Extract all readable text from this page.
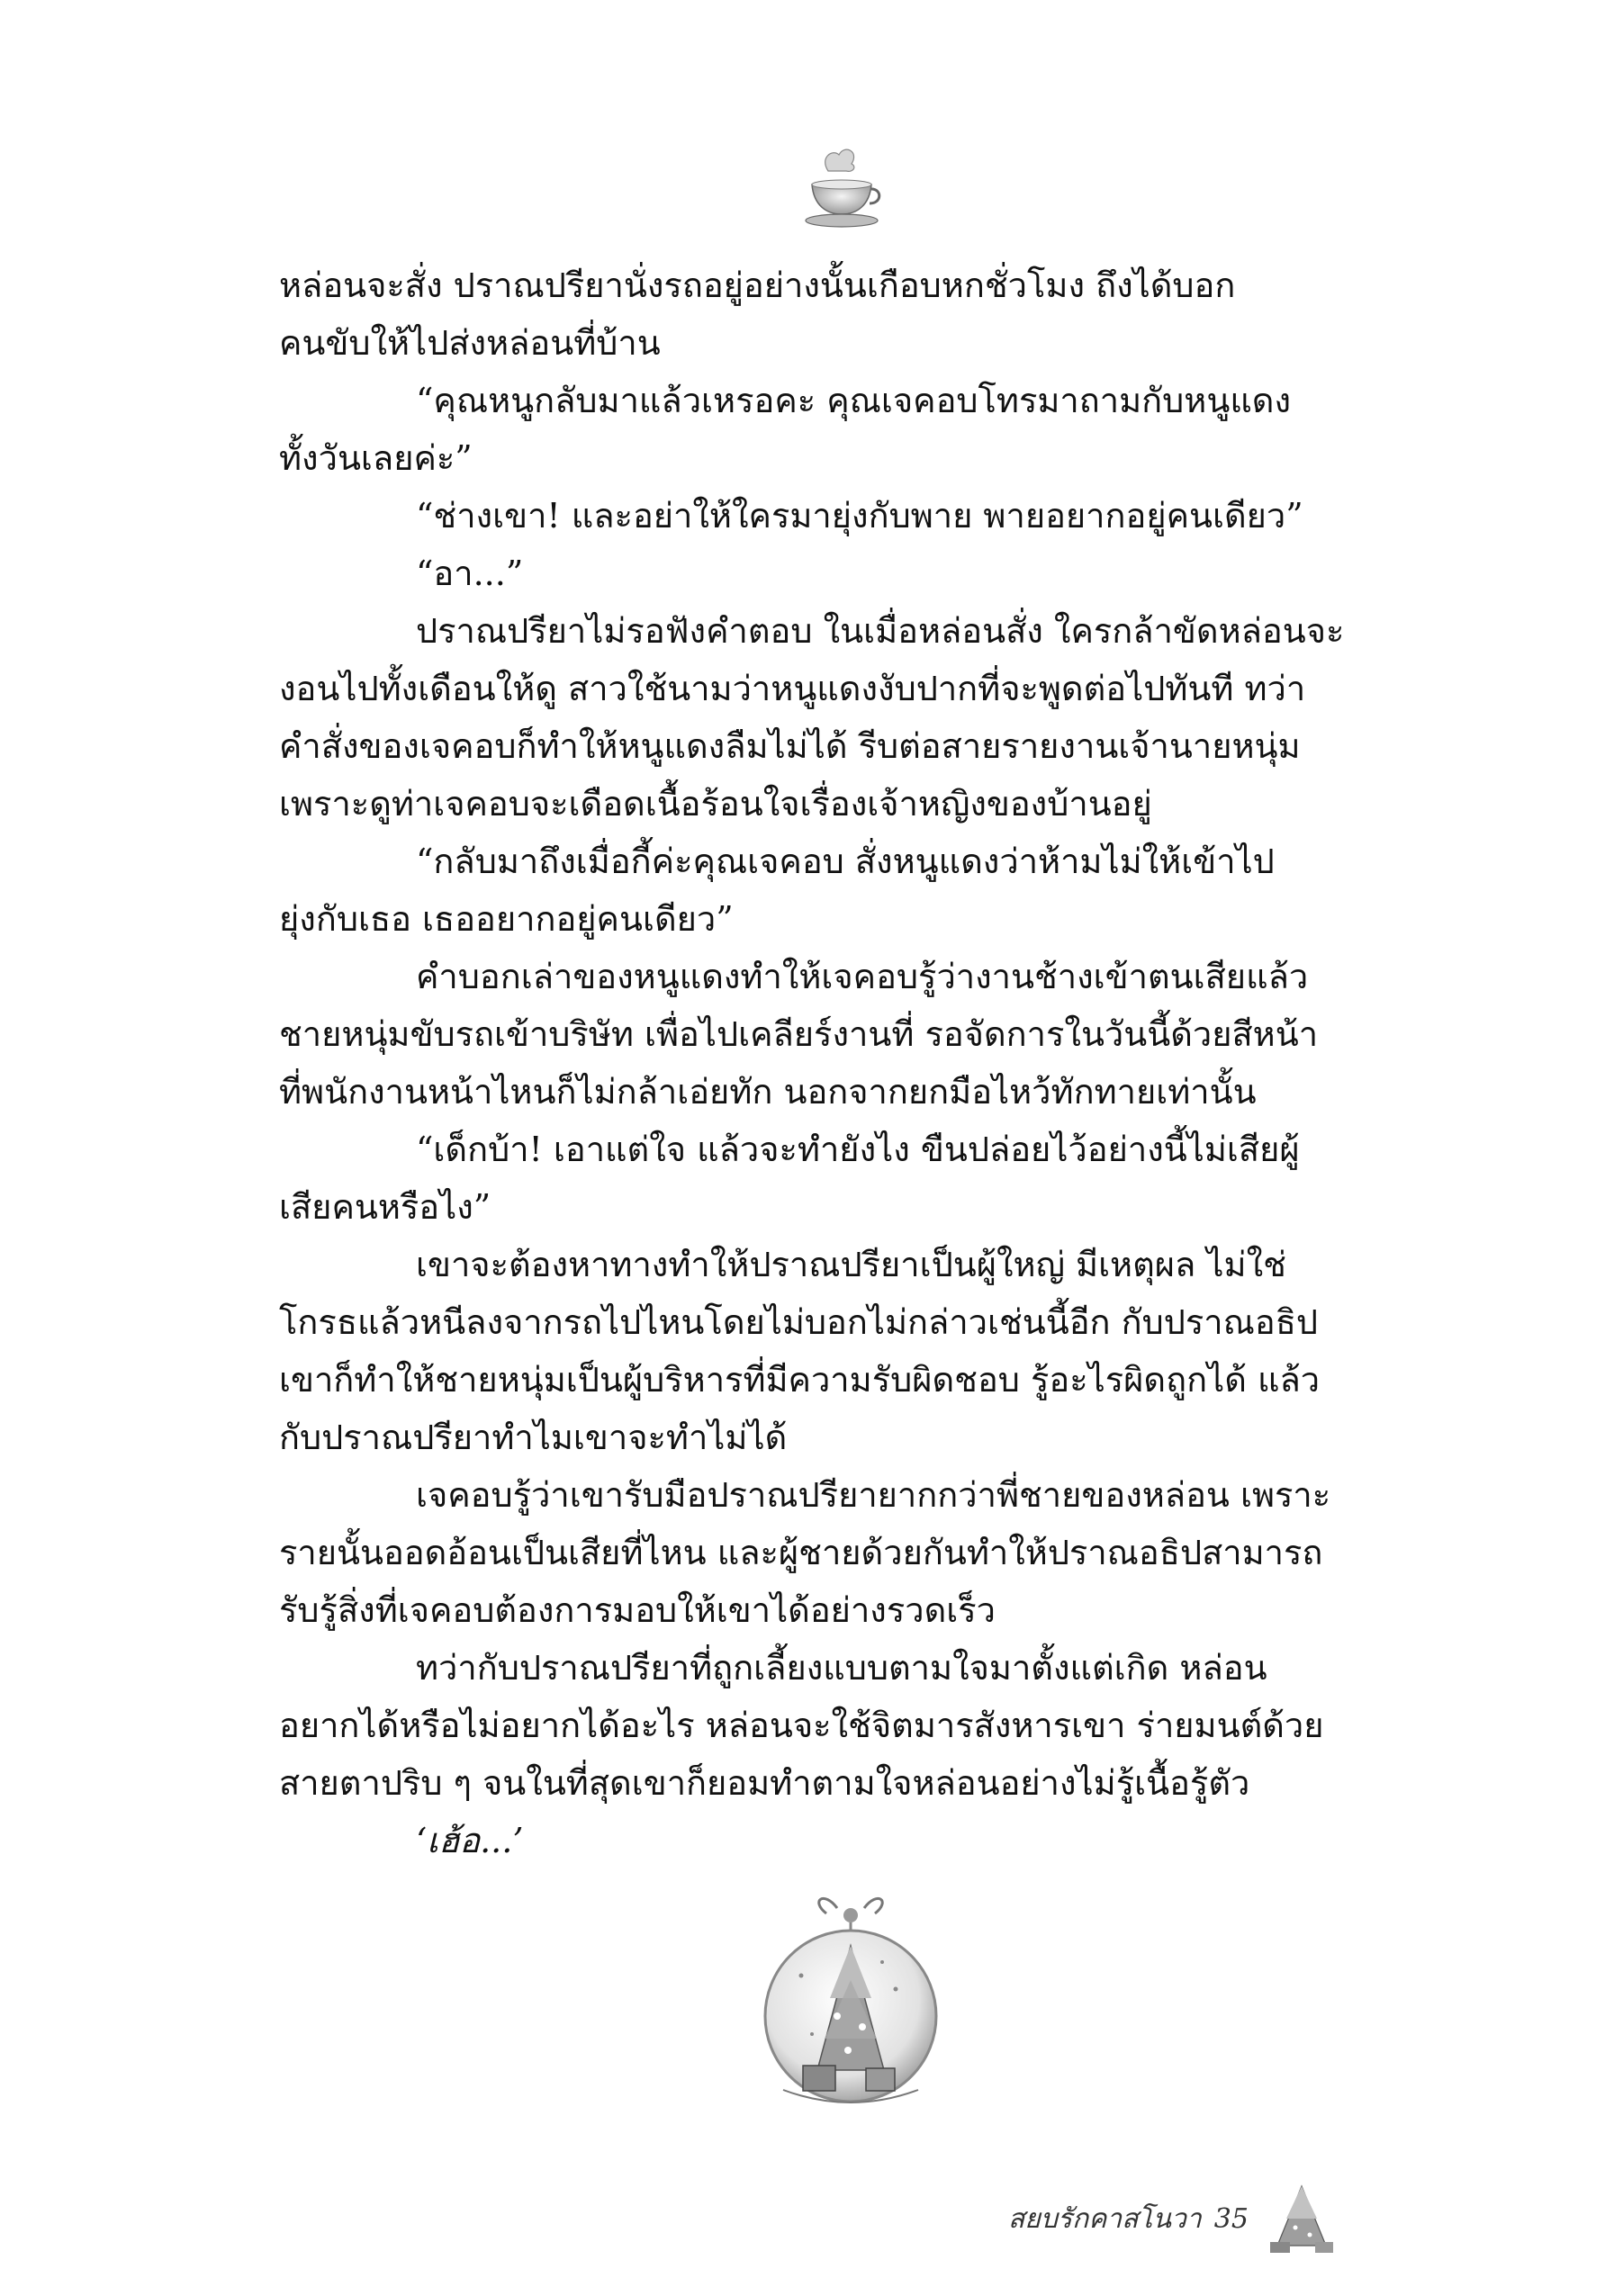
หล่อนจะสั่ง ปราณปรียานั่งรถอยู่อย่างนั้นเกือบหกชั่วโมง ถึงได้บอก
คนขับให้ไปส่งหล่อนที่บ้าน
“คุณหนูกลับมาแล้วเหรอคะ คุณเจคอบโทรมาถามกับหนูแดง
ทั้งวันเลยค่ะ”
“ช่างเขา! และอย่าให้ใครมายุ่งกับพาย พายอยากอยู่คนเดียว”
“อา...”
ปราณปรียาไม่รอฟังคำตอบ ในเมื่อหล่อนสั่ง ใครกล้าขัดหล่อนจะ
งอนไปทั้งเดือนให้ดู สาวใช้นามว่าหนูแดงงับปากที่จะพูดต่อไปทันที ทว่า
คำสั่งของเจคอบก็ทำให้หนูแดงลืมไม่ได้ รีบต่อสายรายงานเจ้านายหนุ่ม
เพราะดูท่าเจคอบจะเดือดเนื้อร้อนใจเรื่องเจ้าหญิงของบ้านอยู่
“กลับมาถึงเมื่อกี้ค่ะคุณเจคอบ สั่งหนูแดงว่าห้ามไม่ให้เข้าไป
ยุ่งกับเธอ เธออยากอยู่คนเดียว”
คำบอกเล่าของหนูแดงทำให้เจคอบรู้ว่างานช้างเข้าตนเสียแล้ว
ชายหนุ่มขับรถเข้าบริษัท เพื่อไปเคลียร์งานที่ รอจัดการในวันนี้ด้วยสีหน้า
ที่พนักงานหน้าไหนก็ไม่กล้าเอ่ยทัก นอกจากยกมือไหว้ทักทายเท่านั้น
“เด็กบ้า! เอาแต่ใจ แล้วจะทำยังไง ขืนปล่อยไว้อย่างนี้ไม่เสียผู้
เสียคนหรือไง”
เขาจะต้องหาทางทำให้ปราณปรียาเป็นผู้ใหญ่ มีเหตุผล ไม่ใช่
โกรธแล้วหนีลงจากรถไปไหนโดยไม่บอกไม่กล่าวเช่นนี้อีก กับปราณอธิป
เขาก็ทำให้ชายหนุ่มเป็นผู้บริหารที่มีความรับผิดชอบ รู้อะไรผิดถูกได้ แล้ว
กับปราณปรียาทำไมเขาจะทำไม่ได้
เจคอบรู้ว่าเขารับมือปราณปรียายากกว่าพี่ชายของหล่อน เพราะ
รายนั้นออดอ้อนเป็นเสียที่ไหน และผู้ชายด้วยกันทำให้ปราณอธิปสามารถ
รับรู้สิ่งที่เจคอบต้องการมอบให้เขาได้อย่างรวดเร็ว
ทว่ากับปราณปรียาที่ถูกเลี้ยงแบบตามใจมาตั้งแต่เกิด หล่อน
อยากได้หรือไม่อยากได้อะไร หล่อนจะใช้จิตมารสังหารเขา ร่ายมนต์ด้วย
สายตาปริบ ๆ จนในที่สุดเขาก็ยอมทำตามใจหล่อนอย่างไม่รู้เนื้อรู้ตัว
‘เฮ้อ...’
สยบรักคาสโนวา 35
